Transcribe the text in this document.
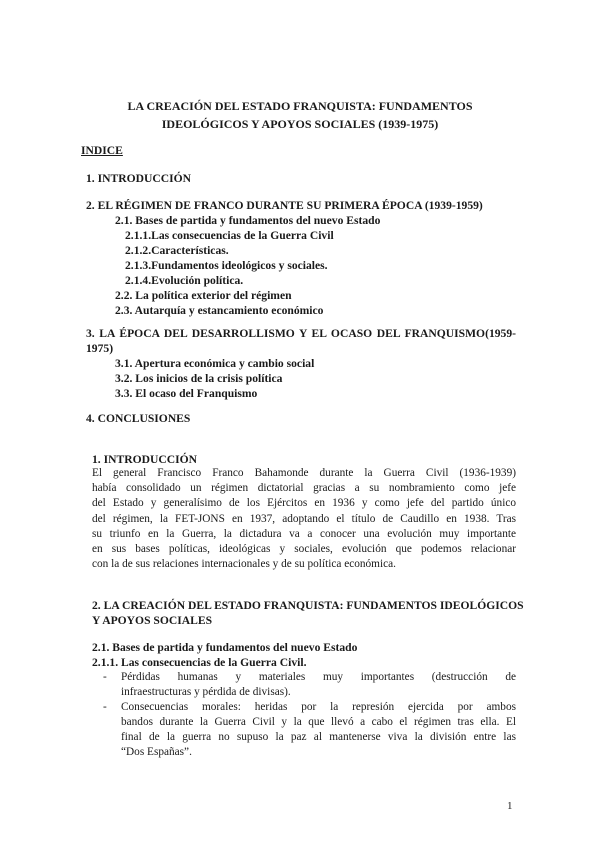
LA CREACIÓN DEL ESTADO FRANQUISTA: FUNDAMENTOS
IDEOLÓGICOS Y APOYOS SOCIALES (1939-1975)
INDICE
1. INTRODUCCIÓN
2. EL RÉGIMEN DE FRANCO DURANTE SU PRIMERA ÉPOCA (1939-1959)
2.1. Bases de partida y fundamentos del nuevo Estado
2.1.1.Las consecuencias de la Guerra Civil
2.1.2.Características.
2.1.3.Fundamentos ideológicos y sociales.
2.1.4.Evolución política.
2.2. La política exterior del régimen
2.3. Autarquía y estancamiento económico
3. LA ÉPOCA DEL DESARROLLISMO Y EL OCASO DEL FRANQUISMO(1959-
1975)
3.1. Apertura económica y cambio social
3.2. Los inicios de la crisis política
3.3. El ocaso del Franquismo
4. CONCLUSIONES
1. INTRODUCCIÓN
El general Francisco Franco Bahamonde durante la Guerra Civil (1936-1939)
había consolidado un régimen dictatorial gracias a su nombramiento como jefe
del Estado y generalísimo de los Ejércitos en 1936 y como jefe del partido único
del régimen, la FET-JONS en 1937, adoptando el título de Caudillo en 1938. Tras
su triunfo en la Guerra, la dictadura va a conocer una evolución muy importante
en sus bases políticas, ideológicas y sociales, evolución que podemos relacionar
con la de sus relaciones internacionales y de su política económica.
2. LA CREACIÓN DEL ESTADO FRANQUISTA: FUNDAMENTOS IDEOLÓGICOS
Y APOYOS SOCIALES
2.1. Bases de partida y fundamentos del nuevo Estado
2.1.1. Las consecuencias de la Guerra Civil.
- Pérdidas humanas y materiales muy importantes (destrucción de
infraestructuras y pérdida de divisas).
- Consecuencias morales: heridas por la represión ejercida por ambos
bandos durante la Guerra Civil y la que llevó a cabo el régimen tras ella. El
final de la guerra no supuso la paz al mantenerse viva la división entre las
“Dos Españas”.
1
